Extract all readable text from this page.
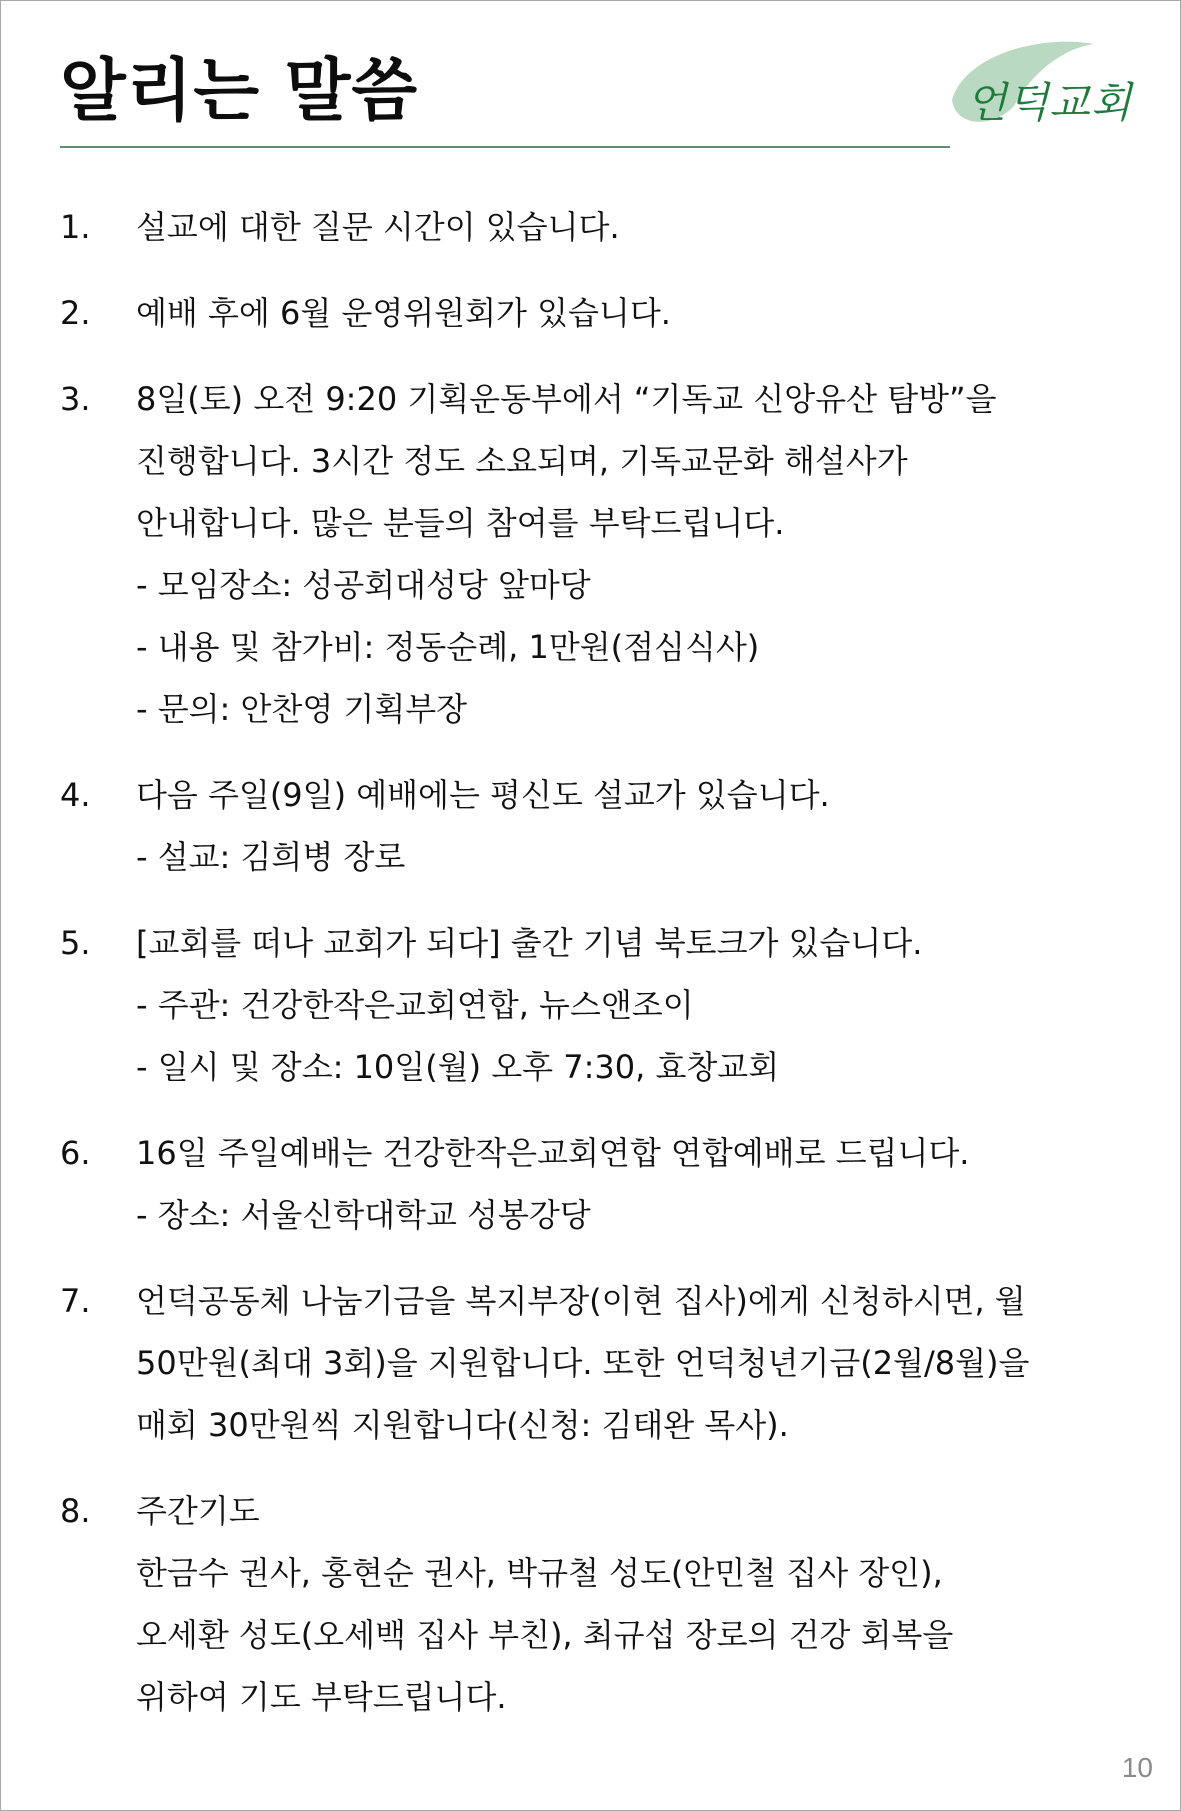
알리는 말씀	언덕교회
1.	설교에 대한 질문 시간이 있습니다.
2.	예배 후에 6월 운영위원회가 있습니다.
3.	8일(토) 오전 9:20 기획운동부에서 “기독교 신앙유산 탐방”을
진행합니다. 3시간 정도 소요되며, 기독교문화 해설사가
안내합니다. 많은 분들의 참여를 부탁드립니다.
- 모임장소: 성공회대성당 앞마당
- 내용 및 참가비: 정동순례, 1만원(점심식사)
- 문의: 안찬영 기획부장
4.	다음 주일(9일) 예배에는 평신도 설교가 있습니다.
- 설교: 김희병 장로
5.	[교회를 떠나 교회가 되다] 출간 기념 북토크가 있습니다.
- 주관: 건강한작은교회연합, 뉴스앤조이
- 일시 및 장소: 10일(월) 오후 7:30, 효창교회
6.	16일 주일예배는 건강한작은교회연합 연합예배로 드립니다.
- 장소: 서울신학대학교 성봉강당
7.	언덕공동체 나눔기금을 복지부장(이현 집사)에게 신청하시면, 월
50만원(최대 3회)을 지원합니다. 또한 언덕청년기금(2월/8월)을
매회 30만원씩 지원합니다(신청: 김태완 목사).
8.	주간기도
한금수 권사, 홍현순 권사, 박규철 성도(안민철 집사 장인),
오세환 성도(오세백 집사 부친), 최규섭 장로의 건강 회복을
위하여 기도 부탁드립니다.
10
